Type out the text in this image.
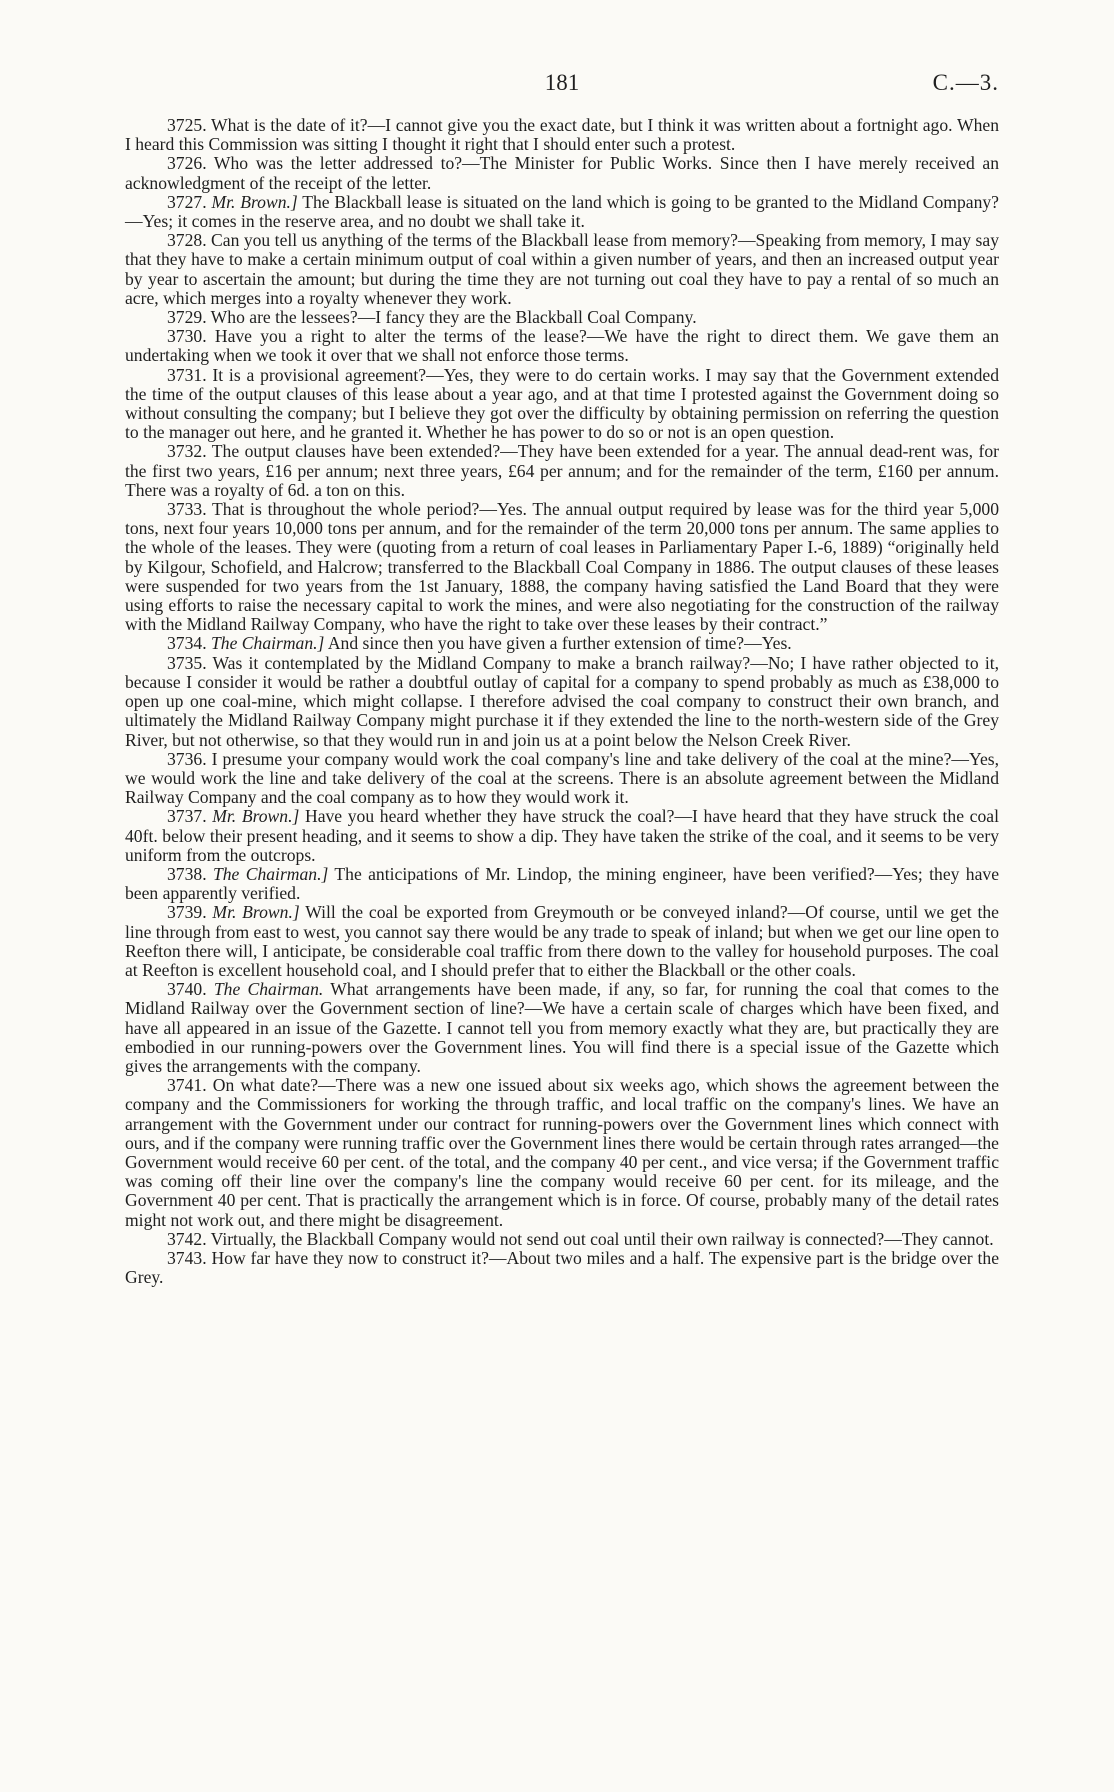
181	C.—3.

3725. What is the date of it?—I cannot give you the exact date, but I think it was written about a fortnight ago. When I heard this Commission was sitting I thought it right that I should enter such a protest.

3726. Who was the letter addressed to?—The Minister for Public Works. Since then I have merely received an acknowledgment of the receipt of the letter.

3727. Mr. Brown.] The Blackball lease is situated on the land which is going to be granted to the Midland Company?—Yes; it comes in the reserve area, and no doubt we shall take it.

3728. Can you tell us anything of the terms of the Blackball lease from memory?—Speaking from memory, I may say that they have to make a certain minimum output of coal within a given number of years, and then an increased output year by year to ascertain the amount; but during the time they are not turning out coal they have to pay a rental of so much an acre, which merges into a royalty whenever they work.

3729. Who are the lessees?—I fancy they are the Blackball Coal Company.

3730. Have you a right to alter the terms of the lease?—We have the right to direct them. We gave them an undertaking when we took it over that we shall not enforce those terms.

3731. It is a provisional agreement?—Yes, they were to do certain works. I may say that the Government extended the time of the output clauses of this lease about a year ago, and at that time I protested against the Government doing so without consulting the company; but I believe they got over the difficulty by obtaining permission on referring the question to the manager out here, and he granted it. Whether he has power to do so or not is an open question.

3732. The output clauses have been extended?—They have been extended for a year. The annual dead-rent was, for the first two years, £16 per annum; next three years, £64 per annum; and for the remainder of the term, £160 per annum. There was a royalty of 6d. a ton on this.

3733. That is throughout the whole period?—Yes. The annual output required by lease was for the third year 5,000 tons, next four years 10,000 tons per annum, and for the remainder of the term 20,000 tons per annum. The same applies to the whole of the leases. They were (quoting from a return of coal leases in Parliamentary Paper I.-6, 1889) “originally held by Kilgour, Schofield, and Halcrow; transferred to the Blackball Coal Company in 1886. The output clauses of these leases were suspended for two years from the 1st January, 1888, the company having satisfied the Land Board that they were using efforts to raise the necessary capital to work the mines, and were also negotiating for the construction of the railway with the Midland Railway Company, who have the right to take over these leases by their contract.”

3734. The Chairman.] And since then you have given a further extension of time?—Yes.

3735. Was it contemplated by the Midland Company to make a branch railway?—No; I have rather objected to it, because I consider it would be rather a doubtful outlay of capital for a company to spend probably as much as £38,000 to open up one coal-mine, which might collapse. I therefore advised the coal company to construct their own branch, and ultimately the Midland Railway Company might purchase it if they extended the line to the north-western side of the Grey River, but not otherwise, so that they would run in and join us at a point below the Nelson Creek River.

3736. I presume your company would work the coal company's line and take delivery of the coal at the mine?—Yes, we would work the line and take delivery of the coal at the screens. There is an absolute agreement between the Midland Railway Company and the coal company as to how they would work it.

3737. Mr. Brown.] Have you heard whether they have struck the coal?—I have heard that they have struck the coal 40ft. below their present heading, and it seems to show a dip. They have taken the strike of the coal, and it seems to be very uniform from the outcrops.

3738. The Chairman.] The anticipations of Mr. Lindop, the mining engineer, have been verified?—Yes; they have been apparently verified.

3739. Mr. Brown.] Will the coal be exported from Greymouth or be conveyed inland?—Of course, until we get the line through from east to west, you cannot say there would be any trade to speak of inland; but when we get our line open to Reefton there will, I anticipate, be considerable coal traffic from there down to the valley for household purposes. The coal at Reefton is excellent household coal, and I should prefer that to either the Blackball or the other coals.

3740. The Chairman. What arrangements have been made, if any, so far, for running the coal that comes to the Midland Railway over the Government section of line?—We have a certain scale of charges which have been fixed, and have all appeared in an issue of the Gazette. I cannot tell you from memory exactly what they are, but practically they are embodied in our running-powers over the Government lines. You will find there is a special issue of the Gazette which gives the arrangements with the company.

3741. On what date?—There was a new one issued about six weeks ago, which shows the agreement between the company and the Commissioners for working the through traffic, and local traffic on the company's lines. We have an arrangement with the Government under our contract for running-powers over the Government lines which connect with ours, and if the company were running traffic over the Government lines there would be certain through rates arranged—the Government would receive 60 per cent. of the total, and the company 40 per cent., and vice versa; if the Government traffic was coming off their line over the company's line the company would receive 60 per cent. for its mileage, and the Government 40 per cent. That is practically the arrangement which is in force. Of course, probably many of the detail rates might not work out, and there might be disagreement.

3742. Virtually, the Blackball Company would not send out coal until their own railway is connected?—They cannot.

3743. How far have they now to construct it?—About two miles and a half. The expensive part is the bridge over the Grey.
